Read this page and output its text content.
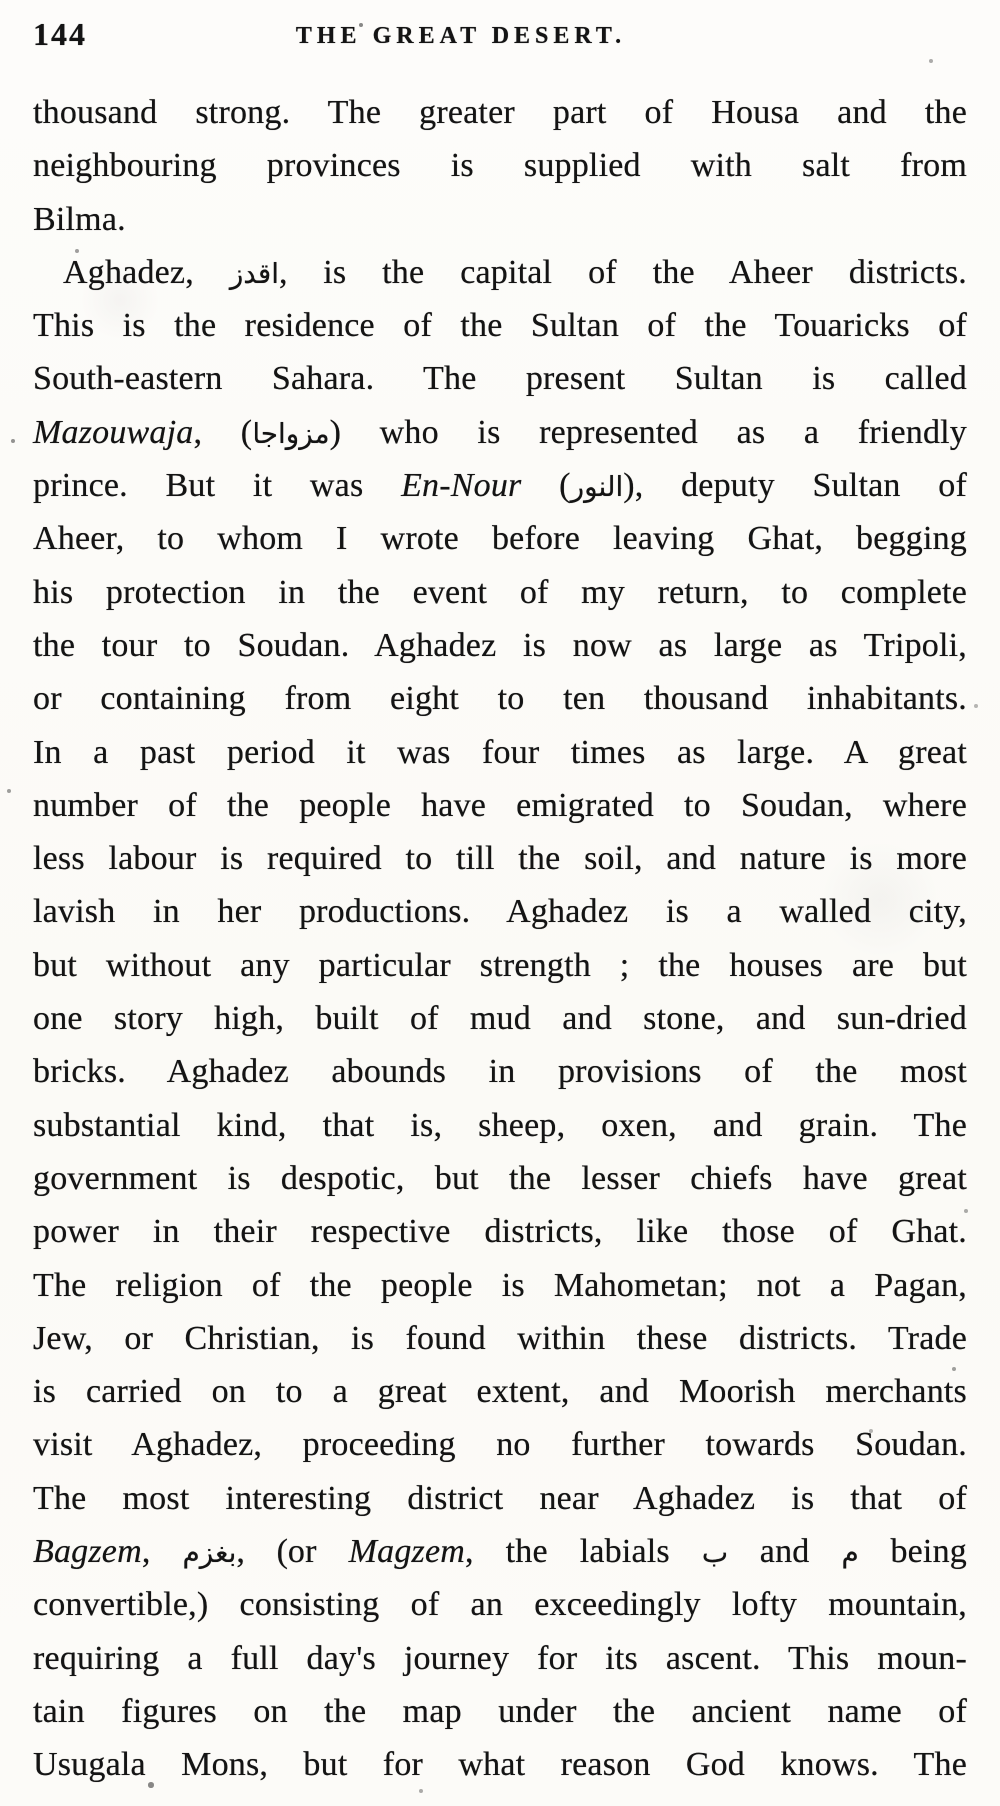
144	THE GREAT DESERT.
thousand strong. The greater part of Housa and the
neighbouring provinces is supplied with salt from
Bilma.
Aghadez, اقدز, is the capital of the Aheer districts.
This is the residence of the Sultan of the Touaricks of
South-eastern Sahara. The present Sultan is called
Mazouwaja, (مزواجا) who is represented as a friendly
prince. But it was En-Nour (النور), deputy Sultan of
Aheer, to whom I wrote before leaving Ghat, begging
his protection in the event of my return, to complete
the tour to Soudan. Aghadez is now as large as Tripoli,
or containing from eight to ten thousand inhabitants.
In a past period it was four times as large. A great
number of the people have emigrated to Soudan, where
less labour is required to till the soil, and nature is more
lavish in her productions. Aghadez is a walled city,
but without any particular strength ; the houses are but
one story high, built of mud and stone, and sun-dried
bricks. Aghadez abounds in provisions of the most
substantial kind, that is, sheep, oxen, and grain. The
government is despotic, but the lesser chiefs have great
power in their respective districts, like those of Ghat.
The religion of the people is Mahometan; not a Pagan,
Jew, or Christian, is found within these districts. Trade
is carried on to a great extent, and Moorish merchants
visit Aghadez, proceeding no further towards Soudan.
The most interesting district near Aghadez is that of
Bagzem, بغزم, (or Magzem, the labials ب and م being
convertible,) consisting of an exceedingly lofty mountain,
requiring a full day's journey for its ascent. This moun-
tain figures on the map under the ancient name of
Usugala Mons, but for what reason God knows. The
